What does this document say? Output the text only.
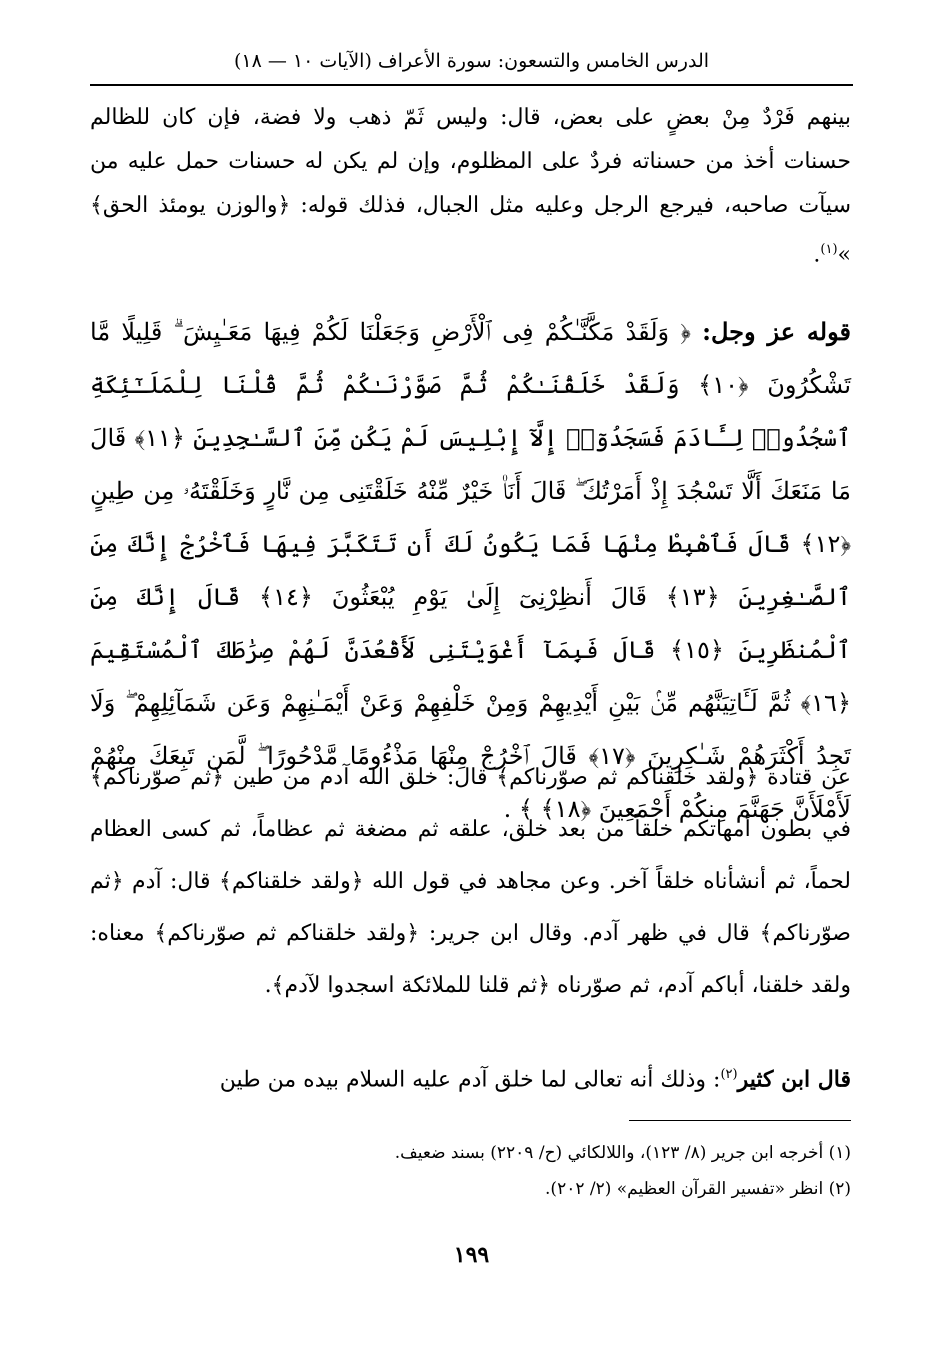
الدرس الخامس والتسعون: سورة الأعراف (الآيات ١٠ — ١٨)
بينهم فَرْدٌ مِنْ بعضٍ على بعض، قال: وليس ثَمّ ذهب ولا فضة، فإن كان للظالم حسنات أخذ من حسناته فردٌ على المظلوم، وإن لم يكن له حسنات حمل عليه من سيآت صاحبه، فيرجع الرجل وعليه مثل الجبال، فذلك قوله: ﴿والوزن يومئذ الحق﴾ »$^{(١)}$.
قوله عز وجل: ﴿ وَلَقَدْ مَكَّنَّـٰكُمْ فِى ٱلْأَرْضِ وَجَعَلْنَا لَكُمْ فِيهَا مَعَـٰيِشَ ۗ قَلِيلًا مَّا تَشْكُرُونَ ﴿١٠﴾ وَلَقَدْ خَلَقْنَـٰكُمْ ثُمَّ صَوَّرْنَـٰكُمْ ثُمَّ قُلْنَا لِلْمَلَـٰٓئِكَةِ ٱسْجُدُوا۟ لِـَٔادَمَ فَسَجَدُوٓا۟ إِلَّآ إِبْلِيسَ لَمْ يَكُن مِّنَ ٱلسَّـٰجِدِينَ ﴿١١﴾ قَالَ مَا مَنَعَكَ أَلَّا تَسْجُدَ إِذْ أَمَرْتُكَ ۖ قَالَ أَنَا۠ خَيْرٌ مِّنْهُ خَلَقْتَنِى مِن نَّارٍ وَخَلَقْتَهُۥ مِن طِينٍ ﴿١٢﴾ قَالَ فَٱهْبِطْ مِنْهَا فَمَا يَكُونُ لَكَ أَن تَتَكَبَّرَ فِيهَا فَٱخْرُجْ إِنَّكَ مِنَ ٱلصَّـٰغِرِينَ ﴿١٣﴾ قَالَ أَنظِرْنِىٓ إِلَىٰ يَوْمِ يُبْعَثُونَ ﴿١٤﴾ قَالَ إِنَّكَ مِنَ ٱلْمُنظَرِينَ ﴿١٥﴾ قَالَ فَبِمَآ أَغْوَيْتَنِى لَأَقْعُدَنَّ لَهُمْ صِرَٰطَكَ ٱلْمُسْتَقِيمَ ﴿١٦﴾ ثُمَّ لَـَٔاتِيَنَّهُم مِّنۢ بَيْنِ أَيْدِيهِمْ وَمِنْ خَلْفِهِمْ وَعَنْ أَيْمَـٰنِهِمْ وَعَن شَمَآئِلِهِمْ ۖ وَلَا تَجِدُ أَكْثَرَهُمْ شَـٰكِرِينَ ﴿١٧﴾ قَالَ ٱخْرُجْ مِنْهَا مَذْءُومًا مَّدْحُورًا ۖ لَّمَن تَبِعَكَ مِنْهُمْ لَأَمْلَأَنَّ جَهَنَّمَ مِنكُمْ أَجْمَعِينَ ﴿١٨﴾ ﴾ .
عن قتادة ﴿ولقد خلقناكم ثم صوّرناكم﴾ قال: خلق الله آدم من طين ﴿ثم صوّرناكم﴾ في بطون أمهاتكم خلقاً من بعد خلق، علقه ثم مضغة ثم عظاماً، ثم كسى العظام لحماً، ثم أنشأناه خلقاً آخر. وعن مجاهد في قول الله ﴿ولقد خلقناكم﴾ قال: آدم ﴿ثم صوّرناكم﴾ قال في ظهر آدم. وقال ابن جرير: ﴿ولقد خلقناكم ثم صوّرناكم﴾ معناه: ولقد خلقنا، أباكم آدم، ثم صوّرناه ﴿ثم قلنا للملائكة اسجدوا لآدم﴾.
قال ابن كثير$^{(٢)}$: وذلك أنه تعالى لما خلق آدم عليه السلام بيده من طين
(١) أخرجه ابن جرير (٨/ ١٢٣)، واللالكائي (ح/ ٢٢٠٩) بسند ضعيف.
(٢) انظر «تفسير القرآن العظيم» (٢/ ٢٠٢).
١٩٩
